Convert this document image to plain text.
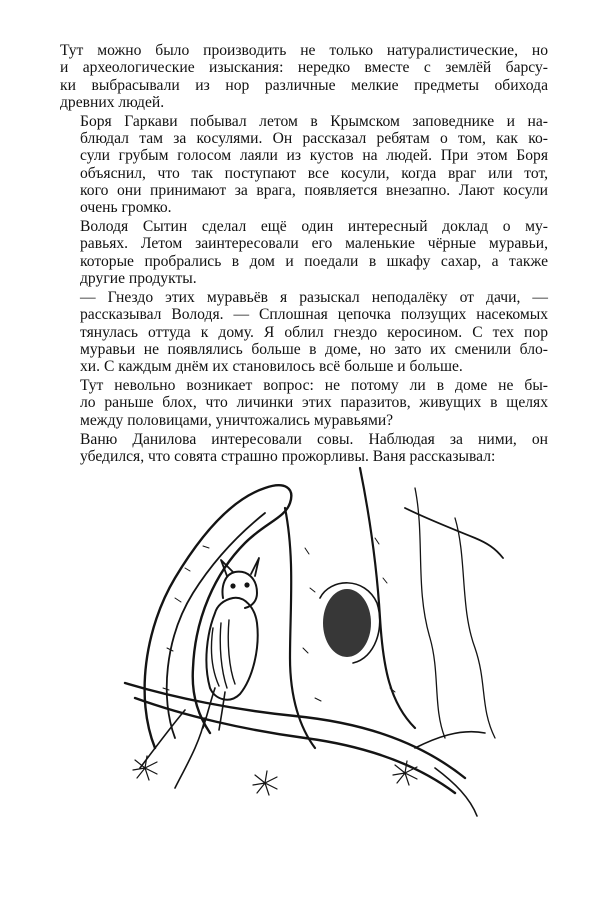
Тут можно было производить не только натуралистические, но
и археологические изыскания: нередко вместе с землёй барсу-
ки выбрасывали из нор различные мелкие предметы обихода
древних людей.
Боря Гаркави побывал летом в Крымском заповеднике и на-
блюдал там за косулями. Он рассказал ребятам о том, как ко-
сули грубым голосом лаяли из кустов на людей. При этом Боря
объяснил, что так поступают все косули, когда враг или тот,
кого они принимают за врага, появляется внезапно. Лают косули
очень громко.
Володя Сытин сделал ещё один интересный доклад о му-
равьях. Летом заинтересовали его маленькие чёрные муравьи,
которые пробрались в дом и поедали в шкафу сахар, а также
другие продукты.
— Гнездо этих муравьёв я разыскал неподалёку от дачи, —
рассказывал Володя. — Сплошная цепочка ползущих насекомых
тянулась оттуда к дому. Я облил гнездо керосином. С тех пор
муравьи не появлялись больше в доме, но зато их сменили бло-
хи. С каждым днём их становилось всё больше и больше.
Тут невольно возникает вопрос: не потому ли в доме не бы-
ло раньше блох, что личинки этих паразитов, живущих в щелях
между половицами, уничтожались муравьями?
Ваню Данилова интересовали совы. Наблюдая за ними, он
убедился, что совята страшно прожорливы. Ваня рассказывал:
